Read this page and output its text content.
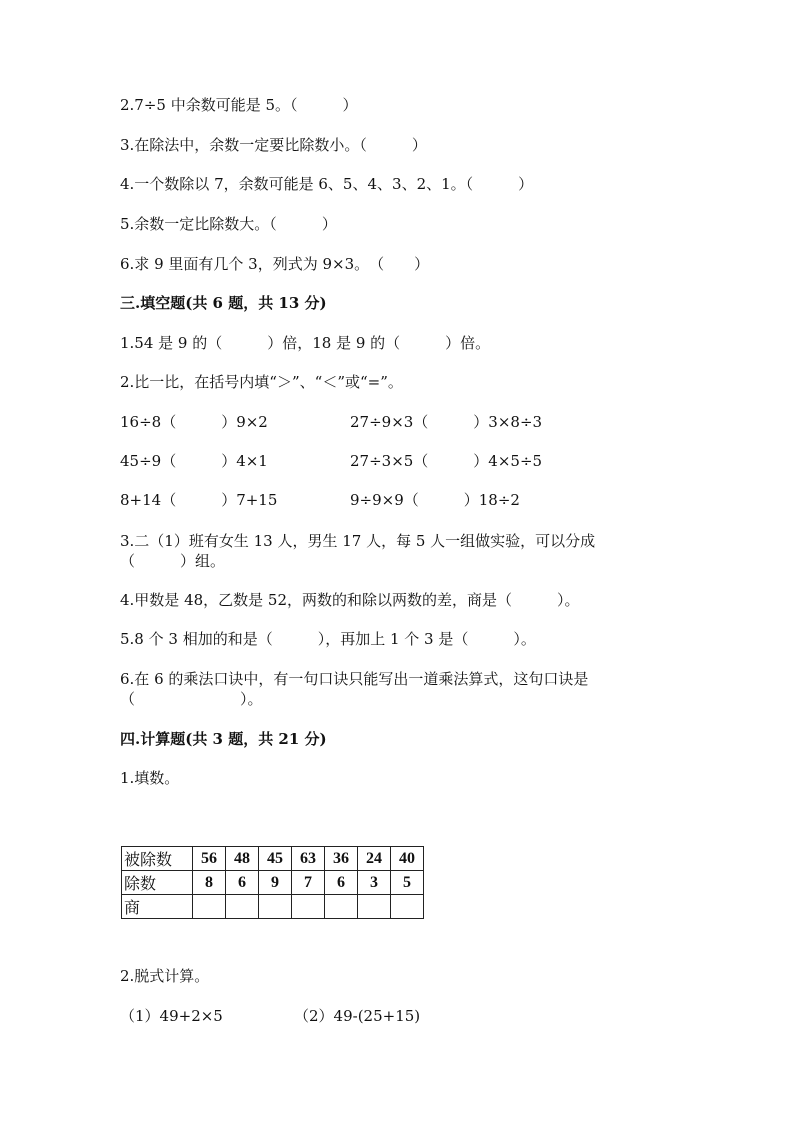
2.7÷5 中余数可能是 5。（　　　）
3.在除法中，余数一定要比除数小。（　　　）
4.一个数除以 7，余数可能是 6、5、4、3、2、1。（　　　）
5.余数一定比除数大。（　　　）
6.求 9 里面有几个 3，列式为 9×3。　（　　）
三.填空题(共 6 题，共 13 分)
1.54 是 9 的（　　　）倍，18 是 9 的（　　　）倍。
2.比一比，在括号内填“＞”、“＜”或“=”。
16÷8（　　　）9×2	27÷9×3（　　　）3×8÷3
45÷9（　　　）4×1	27÷3×5（　　　）4×5÷5
8+14（　　　）7+15	9÷9×9（　　　）18÷2
3.二（1）班有女生 13 人，男生 17 人，每 5 人一组做实验，可以分成
（　　　）组。
4.甲数是 48，乙数是 52，两数的和除以两数的差，商是（　　　）。
5.8 个 3 相加的和是（　　　），再加上 1 个 3 是（　　　）。
6.在 6 的乘法口诀中，有一句口诀只能写出一道乘法算式，这句口诀是
（　　　　　　　）。
四.计算题(共 3 题，共 21 分)
1.填数。
被除数	56	48	45	63	36	24	40
除数	8	6	9	7	6	3	5
商							
2.脱式计算。
（1）49+2×5	（2）49-(25+15)
